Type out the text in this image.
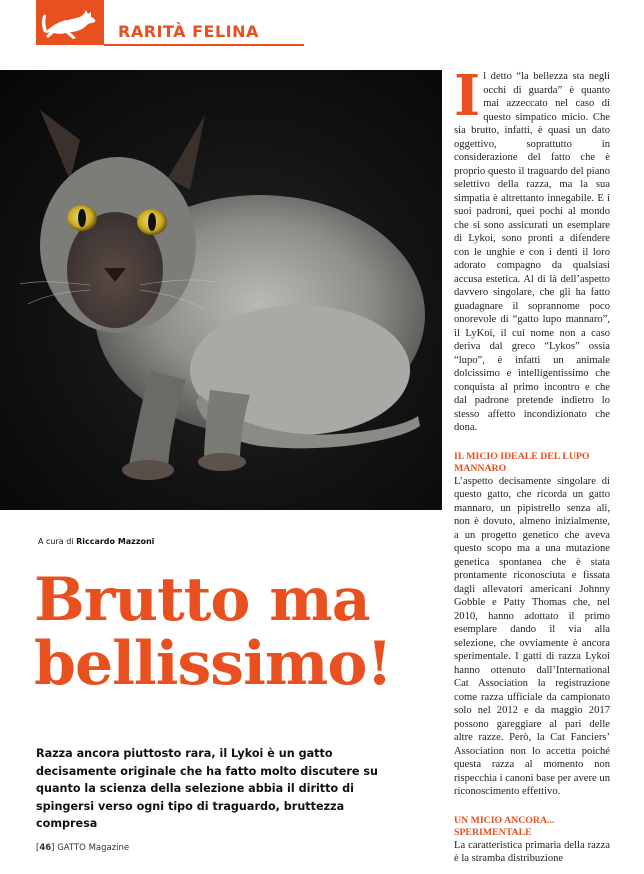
RARITÀ FELINA
A cura di Riccardo Mazzoni
Brutto ma
bellissimo!
Razza ancora piuttosto rara, il Lykoi è un gatto decisamente originale che ha fatto molto discutere su quanto la scienza della selezione abbia il diritto di spingersi verso ogni tipo di traguardo, bruttezza compresa
[46] GATTO Magazine

Il detto “la bellezza sta negli occhi di guarda” è quanto mai azzeccato nel caso di questo simpatico micio. Che sia brutto, infatti, è quasi un dato oggettivo, soprattutto in considerazione del fatto che è proprio questo il traguardo del piano selettivo della razza, ma la sua simpatia è altrettanto innegabile. E i suoi padroni, quei pochi al mondo che si sono assicurati un esemplare di Lykoi, sono pronti a difendere con le unghie e con i denti il loro adorato compagno da qualsiasi accusa estetica. Al di là dell’aspetto davvero singolare, che gli ha fatto guadagnare il soprannome poco onorevole di “gatto lupo mannaro”, il LyKoi, il cui nome non a caso deriva dal greco “Lykos” ossia “lupo”, è infatti un animale dolcissimo e intelligentissimo che conquista al primo incontro e che dal padrone pretende indietro lo stesso affetto incondizionato che dona.

IL MICIO IDEALE DEL LUPO MANNARO

L’aspetto decisamente singolare di questo gatto, che ricorda un gatto mannaro, un pipistrello senza ali, non è dovuto, almeno inizialmente, a un progetto genetico che aveva questo scopo ma a una mutazione genetica spontanea che è stata prontamente riconosciuta e fissata dagli allevatori americani Johnny Gobble e Patty Thomas che, nel 2010, hanno adottato il primo esemplare dando il via alla selezione, che ovviamente è ancora sperimentale. I gatti di razza Lykoi hanno ottenuto dall’International Cat Association la registrazione come razza ufficiale da campionato solo nel 2012 e da maggio 2017 possono gareggiare al pari delle altre razze. Però, la Cat Fanciers’ Association non lo accetta poiché questa razza al momento non rispecchia i canoni base per avere un riconoscimento effettivo.

UN MICIO ANCORA... SPERIMENTALE

La caratteristica primaria della razza è la stramba distribuzione
